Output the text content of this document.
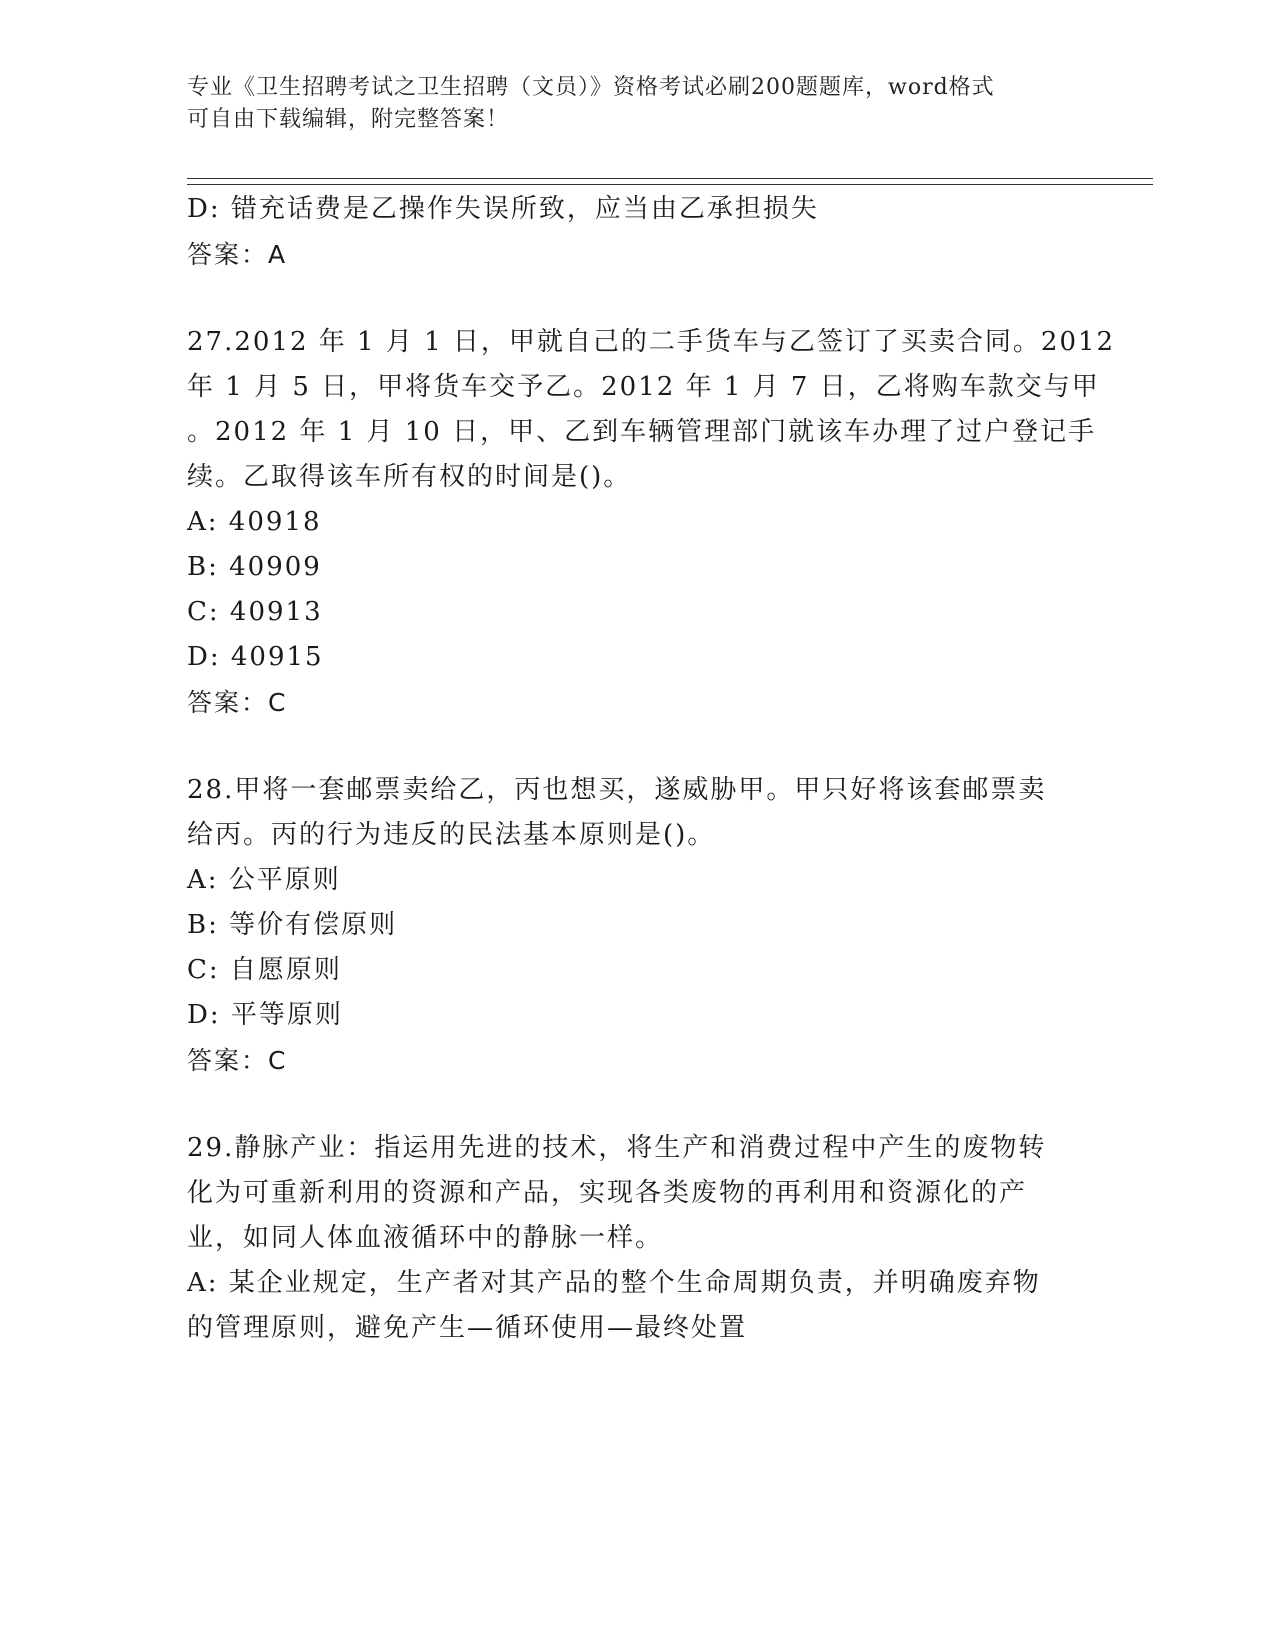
专业《卫生招聘考试之卫生招聘（文员）》资格考试必刷200题题库，word格式
可自由下载编辑，附完整答案！
D: 错充话费是乙操作失误所致，应当由乙承担损失
答案：A
27.2012 年 1 月 1 日，甲就自己的二手货车与乙签订了买卖合同。2012
年 1 月 5 日，甲将货车交予乙。2012 年 1 月 7 日，乙将购车款交与甲
。2012 年 1 月 10 日，甲、乙到车辆管理部门就该车办理了过户登记手
续。乙取得该车所有权的时间是()。
A: 40918
B: 40909
C: 40913
D: 40915
答案：C
28.甲将一套邮票卖给乙，丙也想买，遂威胁甲。甲只好将该套邮票卖
给丙。丙的行为违反的民法基本原则是()。
A: 公平原则
B: 等价有偿原则
C: 自愿原则
D: 平等原则
答案：C
29.静脉产业：指运用先进的技术，将生产和消费过程中产生的废物转
化为可重新利用的资源和产品，实现各类废物的再利用和资源化的产
业，如同人体血液循环中的静脉一样。
A: 某企业规定，生产者对其产品的整个生命周期负责，并明确废弃物
的管理原则，避免产生—循环使用—最终处置
